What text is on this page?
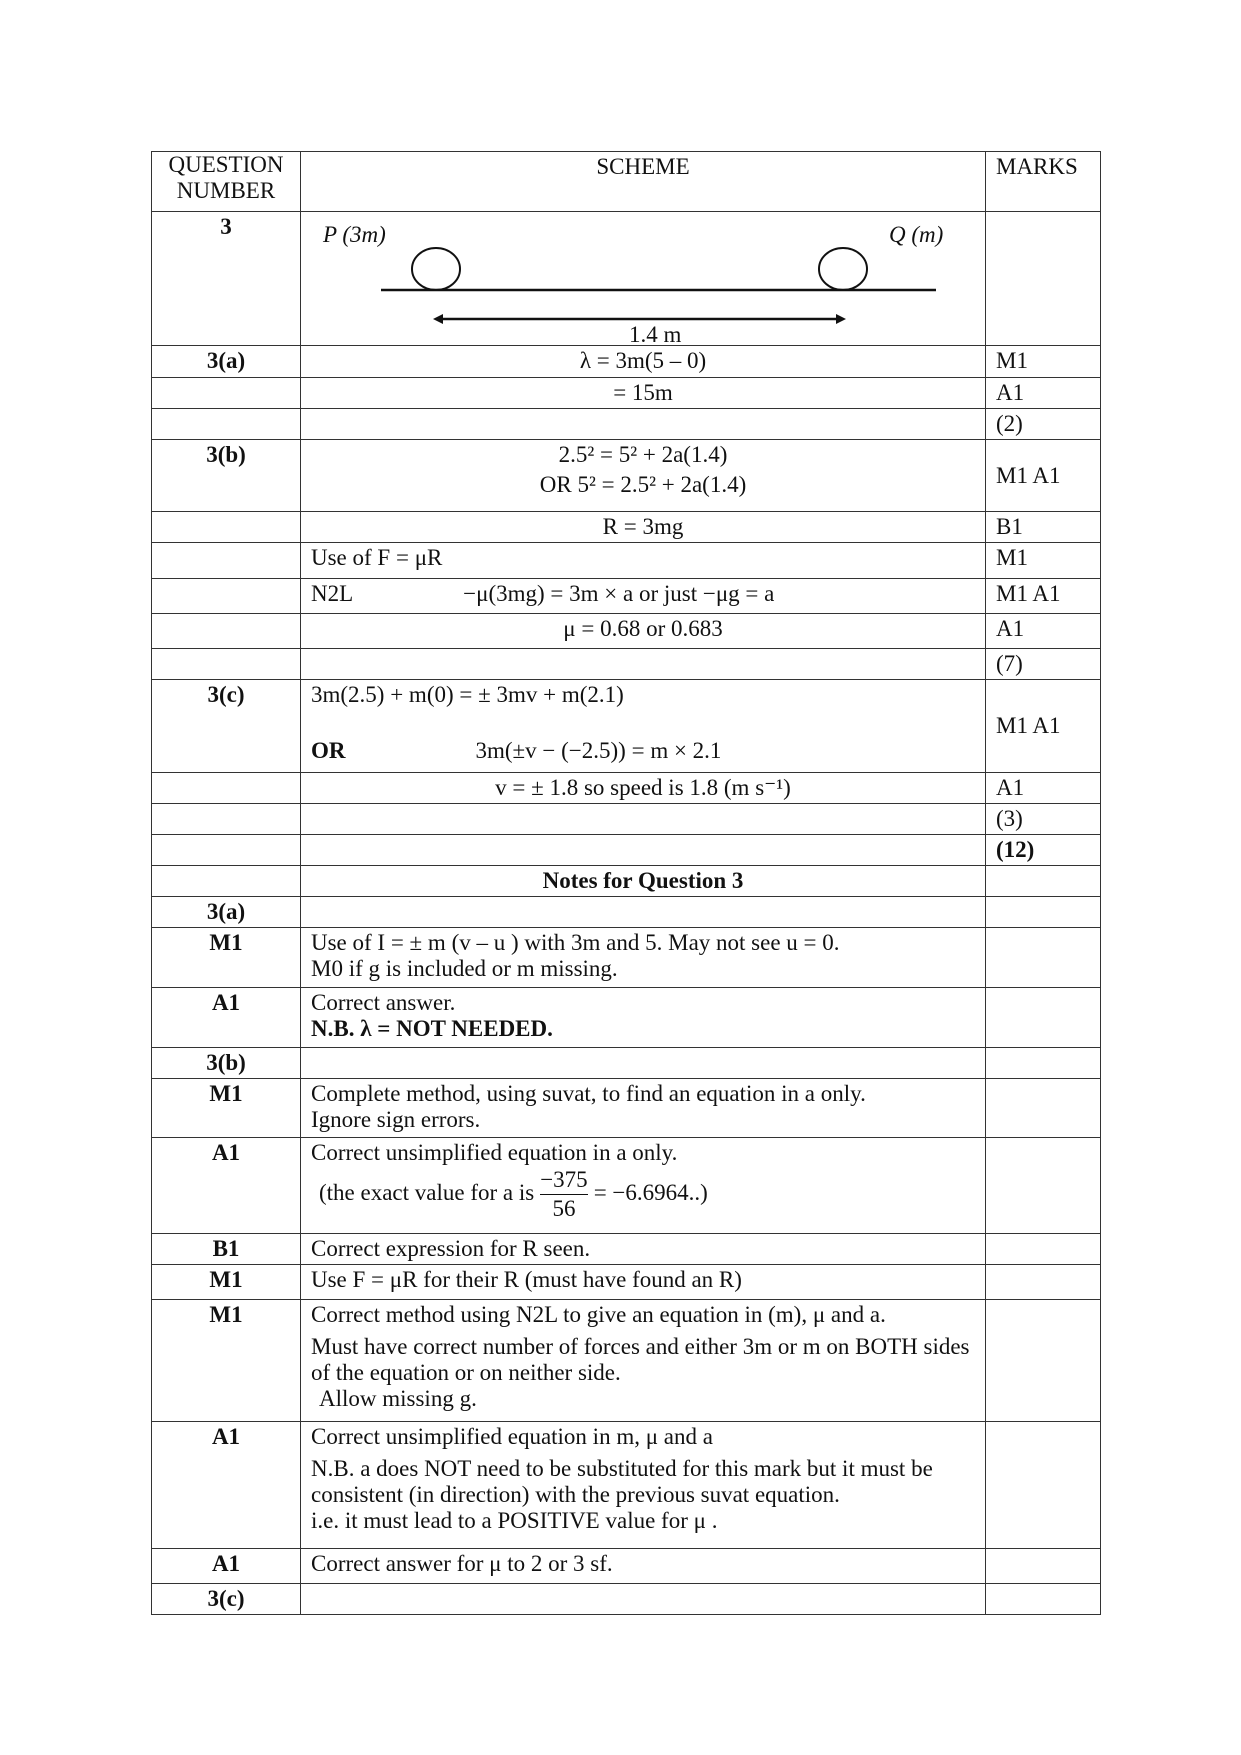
QUESTION NUMBER	SCHEME	MARKS
3	P (3m) Q (m)
1.4 m	

3(a)	λ = 3m(5 – 0)	M1
	= 15m	A1
		(2)
3(b)	2.5² = 5² + 2a(1.4)
OR 5² = 2.5² + 2a(1.4)	M1 A1
	R = 3mg	B1
	Use of F = μR	M1
	N2L −μ(3mg) = 3m × a or just −μg = a	M1 A1
	μ = 0.68 or 0.683	A1
		(7)
3(c)	3m(2.5) + m(0) = ± 3mv + m(2.1)
OR 3m(±v − (−2.5)) = m × 2.1	M1 A1
	v = ± 1.8 so speed is 1.8 (m s⁻¹)	A1
		(3)
		(12)
	Notes for Question 3	
3(a)		
M1	Use of I = ± m (v – u ) with 3m and 5. May not see u = 0.
M0 if g is included or m missing.	

A1	Correct answer.
N.B. λ = NOT NEEDED.	

3(b)		
M1	Complete method, using suvat, to find an equation in a only.
Ignore sign errors.	

A1	Correct unsimplified equation in a only.
(the exact value for a is $\frac{-375}{56} = -6.6964$..)	

B1	Correct expression for R seen.	
M1	Use F = μR for their R (must have found an R)	
M1	Correct method using N2L to give an equation in (m), μ and a.
Must have correct number of forces and either 3m or m on BOTH sides of the equation or on neither side.
Allow missing g.	

A1	Correct unsimplified equation in m, μ and a
N.B. a does NOT need to be substituted for this mark but it must be consistent (in direction) with the previous suvat equation.
i.e. it must lead to a POSITIVE value for μ .	

A1	Correct answer for μ to 2 or 3 sf.	
3(c)		
